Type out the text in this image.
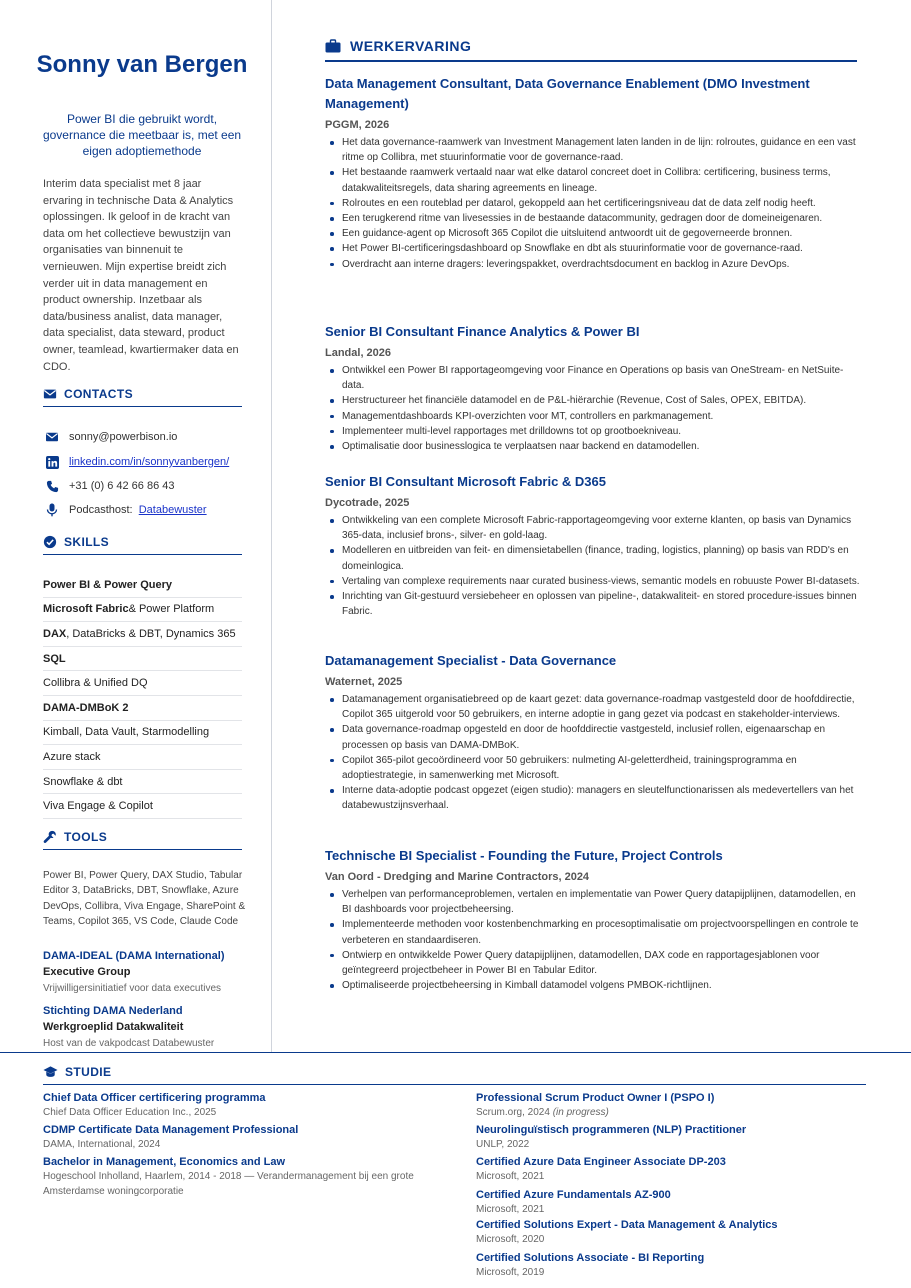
Sonny van Bergen

Power BI die gebruikt wordt, governance die meetbaar is, met een eigen adoptiemethode

Interim data specialist met 8 jaar ervaring in technische Data & Analytics oplossingen. Ik geloof in de kracht van data om het collectieve bewustzijn van organisaties van binnenuit te vernieuwen. Mijn expertise breidt zich verder uit in data management en product ownership. Inzetbaar als data/business analist, data manager, data specialist, data steward, product owner, teamlead, kwartiermaker data en CDO.

CONTACTS
sonny@powerbison.io
linkedin.com/in/sonnyvanbergen/
+31 (0) 6 42 66 86 43
Podcasthost:
Databewuster
SKILLS
Power BI & Power Query
Microsoft Fabric & Power Platform
DAX , DataBricks & DBT, Dynamics 365
SQL
Collibra & Unified DQ
DAMA-DMBoK 2
Kimball, Data Vault, Starmodelling
Azure stack
Snowflake & dbt
Viva Engage & Copilot
TOOLS

Power BI, Power Query, DAX Studio, Tabular Editor 3, DataBricks, DBT, Snowflake, Azure DevOps, Collibra, Viva Engage, SharePoint & Teams, Copilot 365, VS Code, Claude Code

DAMA-IDEAL (DAMA International)
Executive Group
Vrijwilligersinitiatief voor data executives
Stichting DAMA Nederland
Werkgroeplid Datakwaliteit
Host van de vakpodcast Databewuster
WERKERVARING
Data Management Consultant, Data Governance Enablement (DMO Investment Management)
PGGM, 2026
Het data governance-raamwerk van Investment Management laten landen in de lijn: rolroutes, guidance en een vast ritme op Collibra, met stuurinformatie voor de governance-raad.
Het bestaande raamwerk vertaald naar wat elke datarol concreet doet in Collibra: certificering, business terms, datakwaliteitsregels, data sharing agreements en lineage.
Rolroutes en een routeblad per datarol, gekoppeld aan het certificeringsniveau dat de data zelf nodig heeft.
Een terugkerend ritme van livesessies in de bestaande datacommunity, gedragen door de domeineigenaren.
Een guidance-agent op Microsoft 365 Copilot die uitsluitend antwoordt uit de gegoverneerde bronnen.
Het Power BI-certificeringsdashboard op Snowflake en dbt als stuurinformatie voor de governance-raad.
Overdracht aan interne dragers: leveringspakket, overdrachtsdocument en backlog in Azure DevOps.
Senior BI Consultant Finance Analytics & Power BI
Landal, 2026
Ontwikkel een Power BI rapportageomgeving voor Finance en Operations op basis van OneStream- en NetSuite-data.
Herstructureer het financiële datamodel en de P&L-hiërarchie (Revenue, Cost of Sales, OPEX, EBITDA).
Managementdashboards KPI-overzichten voor MT, controllers en parkmanagement.
Implementeer multi-level rapportages met drilldowns tot op grootboekniveau.
Optimalisatie door businesslogica te verplaatsen naar backend en datamodellen.
Senior BI Consultant Microsoft Fabric & D365
Dycotrade, 2025
Ontwikkeling van een complete Microsoft Fabric-rapportageomgeving voor externe klanten, op basis van Dynamics 365-data, inclusief brons-, silver- en gold-laag.
Modelleren en uitbreiden van feit- en dimensietabellen (finance, trading, logistics, planning) op basis van RDD's en domeinlogica.
Vertaling van complexe requirements naar curated business-views, semantic models en robuuste Power BI-datasets.
Inrichting van Git-gestuurd versiebeheer en oplossen van pipeline-, datakwaliteit- en stored procedure-issues binnen Fabric.
Datamanagement Specialist - Data Governance
Waternet, 2025
Datamanagement organisatiebreed op de kaart gezet: data governance-roadmap vastgesteld door de hoofddirectie, Copilot 365 uitgerold voor 50 gebruikers, en interne adoptie in gang gezet via podcast en stakeholder-interviews.
Data governance-roadmap opgesteld en door de hoofddirectie vastgesteld, inclusief rollen, eigenaarschap en processen op basis van DAMA-DMBoK.
Copilot 365-pilot gecoördineerd voor 50 gebruikers: nulmeting AI-geletterdheid, trainingsprogramma en adoptiestrategie, in samenwerking met Microsoft.
Interne data-adoptie podcast opgezet (eigen studio): managers en sleutelfunctionarissen als medevertellers van het databewustzijnsverhaal.
Technische BI Specialist - Founding the Future, Project Controls
Van Oord - Dredging and Marine Contractors, 2024
Verhelpen van performanceproblemen, vertalen en implementatie van Power Query datapijplijnen, datamodellen, en BI dashboards voor projectbeheersing.
Implementeerde methoden voor kostenbenchmarking en procesoptimalisatie om projectvoorspellingen en controle te verbeteren en standaardiseren.
Ontwierp en ontwikkelde Power Query datapijplijnen, datamodellen, DAX code en rapportagesjablonen voor geïntegreerd projectbeheer in Power BI en Tabular Editor.
Optimaliseerde projectbeheersing in Kimball datamodel volgens PMBOK-richtlijnen.
STUDIE
Chief Data Officer certificering programma
Chief Data Officer Education Inc., 2025
CDMP Certificate Data Management Professional
DAMA, International, 2024
Bachelor in Management, Economics and Law
Hogeschool Inholland, Haarlem, 2014 - 2018 — Verandermanagement bij een grote Amsterdamse woningcorporatie
Professional Scrum Product Owner I (PSPO I)
Scrum.org, 2024 (in progress)
Neurolinguïstisch programmeren (NLP) Practitioner
UNLP, 2022
Certified Azure Data Engineer Associate DP-203
Microsoft, 2021
Certified Azure Fundamentals AZ-900
Microsoft, 2021
Certified Solutions Expert - Data Management & Analytics
Microsoft, 2020
Certified Solutions Associate - BI Reporting
Microsoft, 2019
